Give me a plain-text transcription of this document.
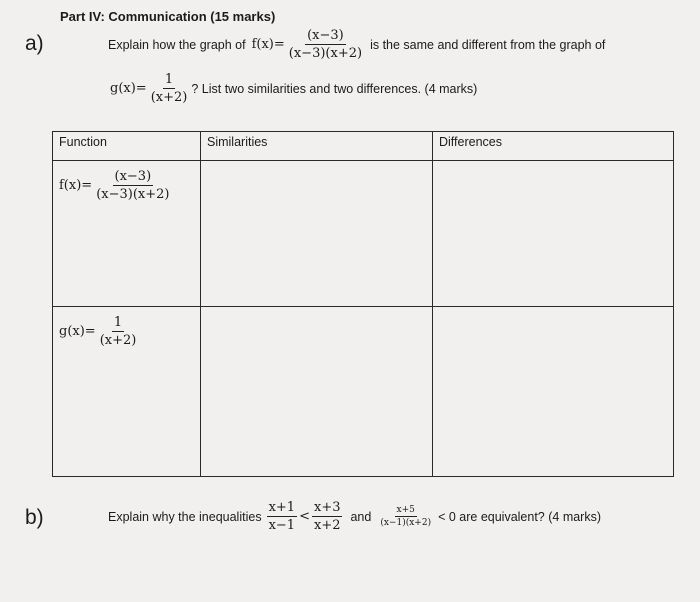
Part IV: Communication (15 marks)
a)	Explain how the graph of $f(x)= \frac{(x-3)}{(x-3)(x+2)}$ is the same and different from the graph of
$g(x)= \frac{1}{(x+2)}$ ? List two similarities and two differences. (4 marks)
Function	Similarities	Differences

$f(x)= \frac{(x-3)}{(x-3)(x+2)}$

$g(x)= \frac{1}{(x+2)}$

b)	Explain why the inequalities $\frac{x+1}{x-1} < \frac{x+3}{x+2}$ and $\frac{x+5}{(x-1)(x+2)} < 0$ are equivalent? (4 marks)
